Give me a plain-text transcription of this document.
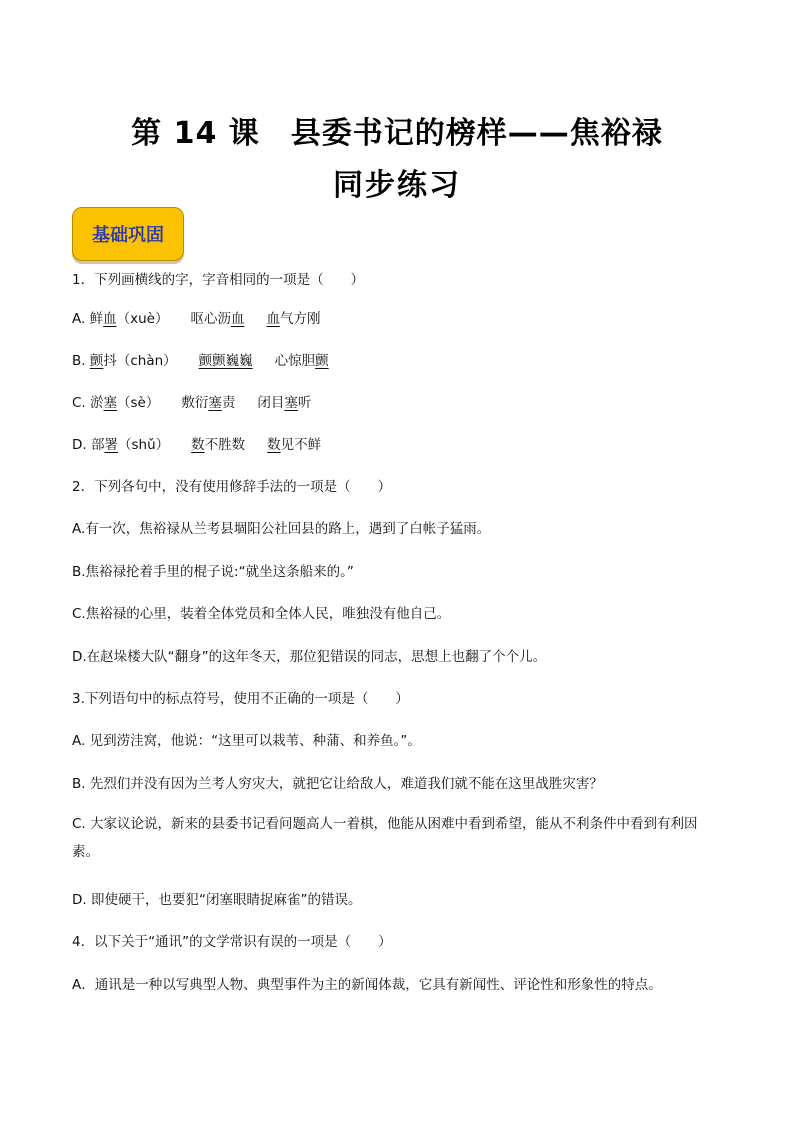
第 14 课　县委书记的榜样——焦裕禄
同步练习
基础巩固
1．下列画横线的字，字音相同的一项是（　　）
A. 鲜血（xuè） 呕心沥血 血气方刚
B. 颤抖（chàn） 颤颤巍巍 心惊胆颤
C. 淤塞（sè） 敷衍塞责 闭目塞听
D. 部署（shǔ） 数不胜数 数见不鲜
2．下列各句中，没有使用修辞手法的一项是（　　）
A.有一次，焦裕禄从兰考县堌阳公社回县的路上，遇到了白帐子猛雨。
B.焦裕禄抡着手里的棍子说:“就坐这条船来的。”
C.焦裕禄的心里，装着全体党员和全体人民，唯独没有他自己。
D.在赵垛楼大队“翻身”的这年冬天，那位犯错误的同志，思想上也翻了个个儿。
3.下列语句中的标点符号，使用不正确的一项是（　　）
A. 见到涝洼窝，他说：“这里可以栽苇、种蒲、和养鱼。”。
B. 先烈们并没有因为兰考人穷灾大，就把它让给敌人，难道我们就不能在这里战胜灾害？
C. 大家议论说，新来的县委书记看问题高人一着棋，他能从困难中看到希望，能从不利条件中看到有利因素。
D. 即使硬干，也要犯“闭塞眼睛捉麻雀”的错误。
4．以下关于“通讯”的文学常识有误的一项是（　　）
A．通讯是一种以写典型人物、典型事件为主的新闻体裁，它具有新闻性、评论性和形象性的特点。
